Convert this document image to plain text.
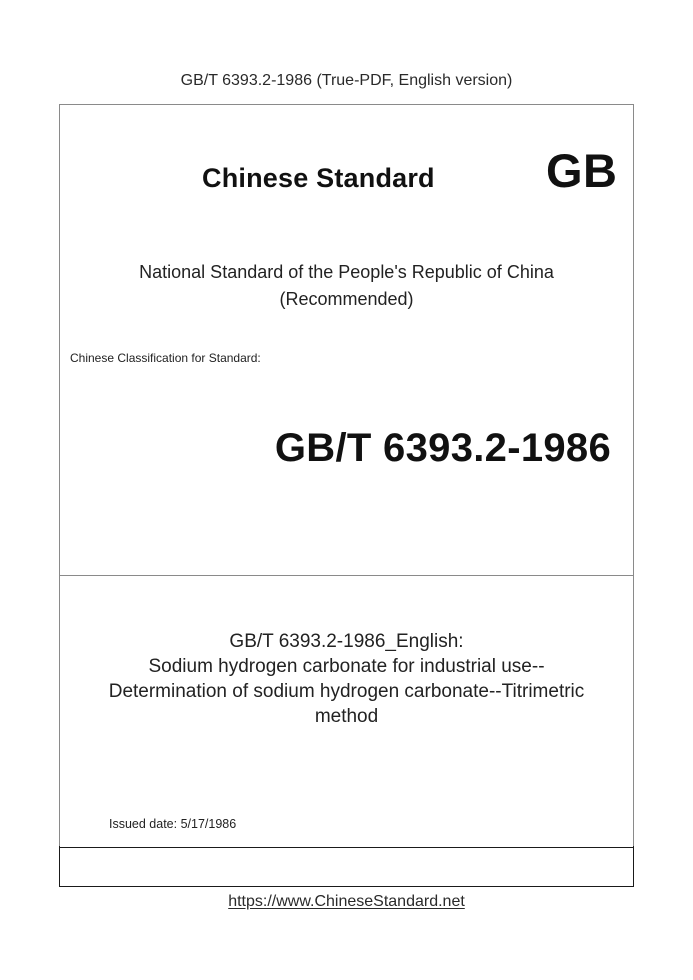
GB/T 6393.2-1986 (True-PDF, English version)
Chinese Standard GB
National Standard of the People's Republic of China
(Recommended)
Chinese Classification for Standard:
GB/T 6393.2-1986
GB/T 6393.2-1986_English:
Sodium hydrogen carbonate for industrial use--
Determination of sodium hydrogen carbonate--Titrimetric
method
Issued date: 5/17/1986
https://www.ChineseStandard.net
